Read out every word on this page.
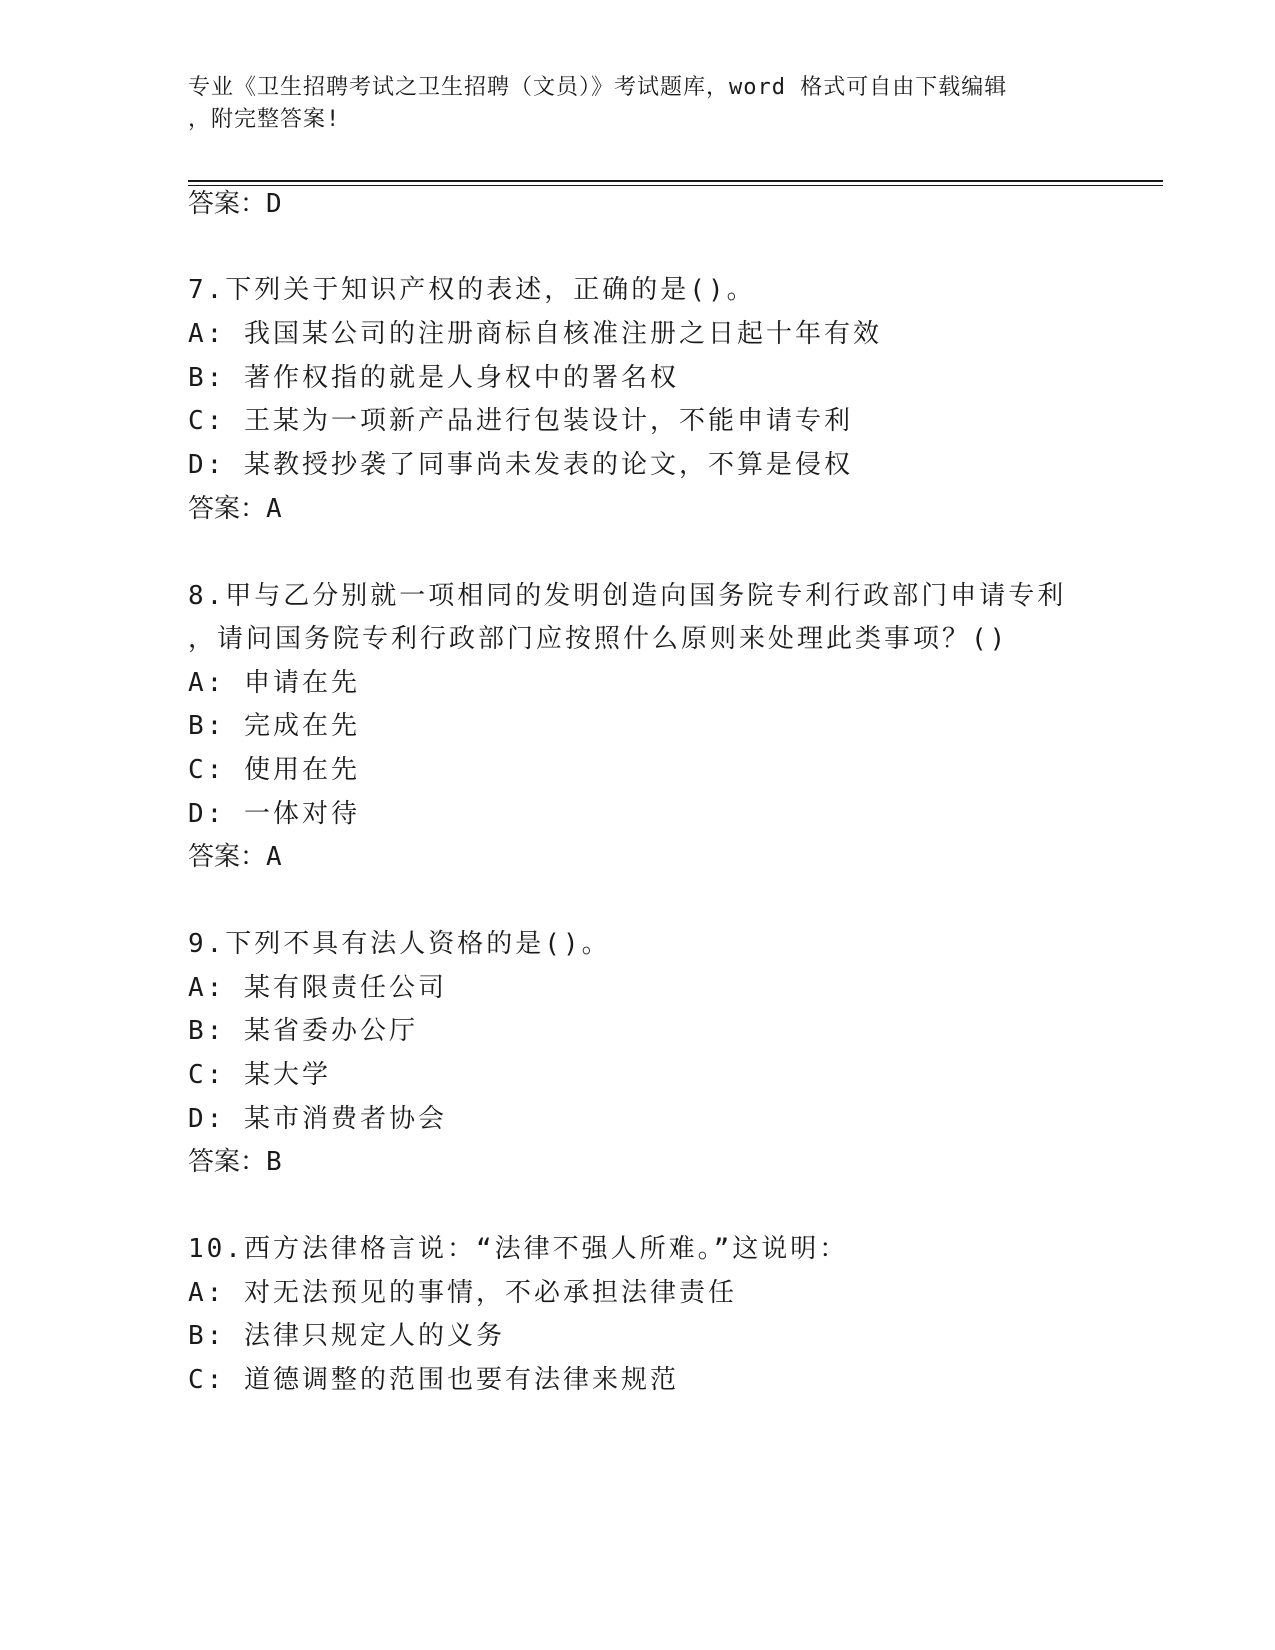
专业《卫生招聘考试之卫生招聘（文员）》考试题库，word 格式可自由下载编辑
，附完整答案!
答案：D
7.下列关于知识产权的表述，正确的是()。
A: 我国某公司的注册商标自核准注册之日起十年有效
B: 著作权指的就是人身权中的署名权
C: 王某为一项新产品进行包装设计，不能申请专利
D: 某教授抄袭了同事尚未发表的论文，不算是侵权
答案：A
8.甲与乙分别就一项相同的发明创造向国务院专利行政部门申请专利
，请问国务院专利行政部门应按照什么原则来处理此类事项？()
A: 申请在先
B: 完成在先
C: 使用在先
D: 一体对待
答案：A
9.下列不具有法人资格的是()。
A: 某有限责任公司
B: 某省委办公厅
C: 某大学
D: 某市消费者协会
答案：B
10.西方法律格言说：“法律不强人所难。”这说明：
A: 对无法预见的事情，不必承担法律责任
B: 法律只规定人的义务
C: 道德调整的范围也要有法律来规范
